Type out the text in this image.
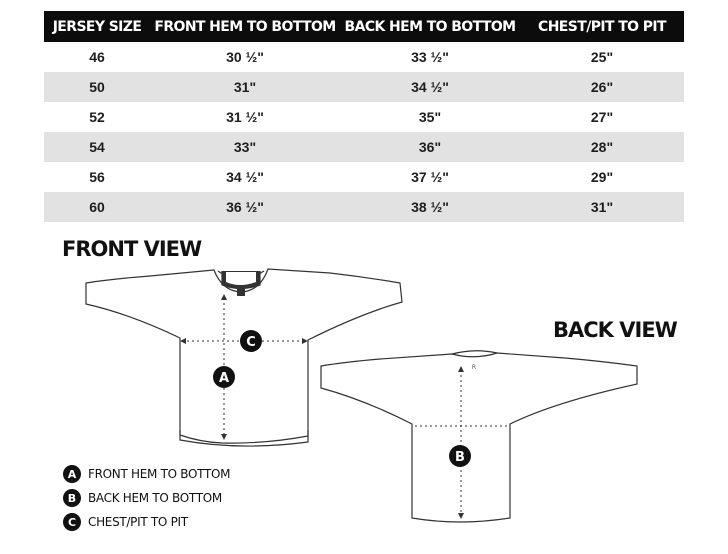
JERSEY SIZE	FRONT HEM TO BOTTOM	BACK HEM TO BOTTOM	CHEST/PIT TO PIT
46	30 ½"	33 ½"	25"
50	31"	34 ½"	26"
52	31 ½"	35"	27"
54	33"	36"	28"
56	34 ½"	37 ½"	29"
60	36 ½"	38 ½"	31"
FRONT VIEW
BACK VIEW
A
C
R
B
A FRONT HEM TO BOTTOM
B BACK HEM TO BOTTOM
C CHEST/PIT TO PIT
